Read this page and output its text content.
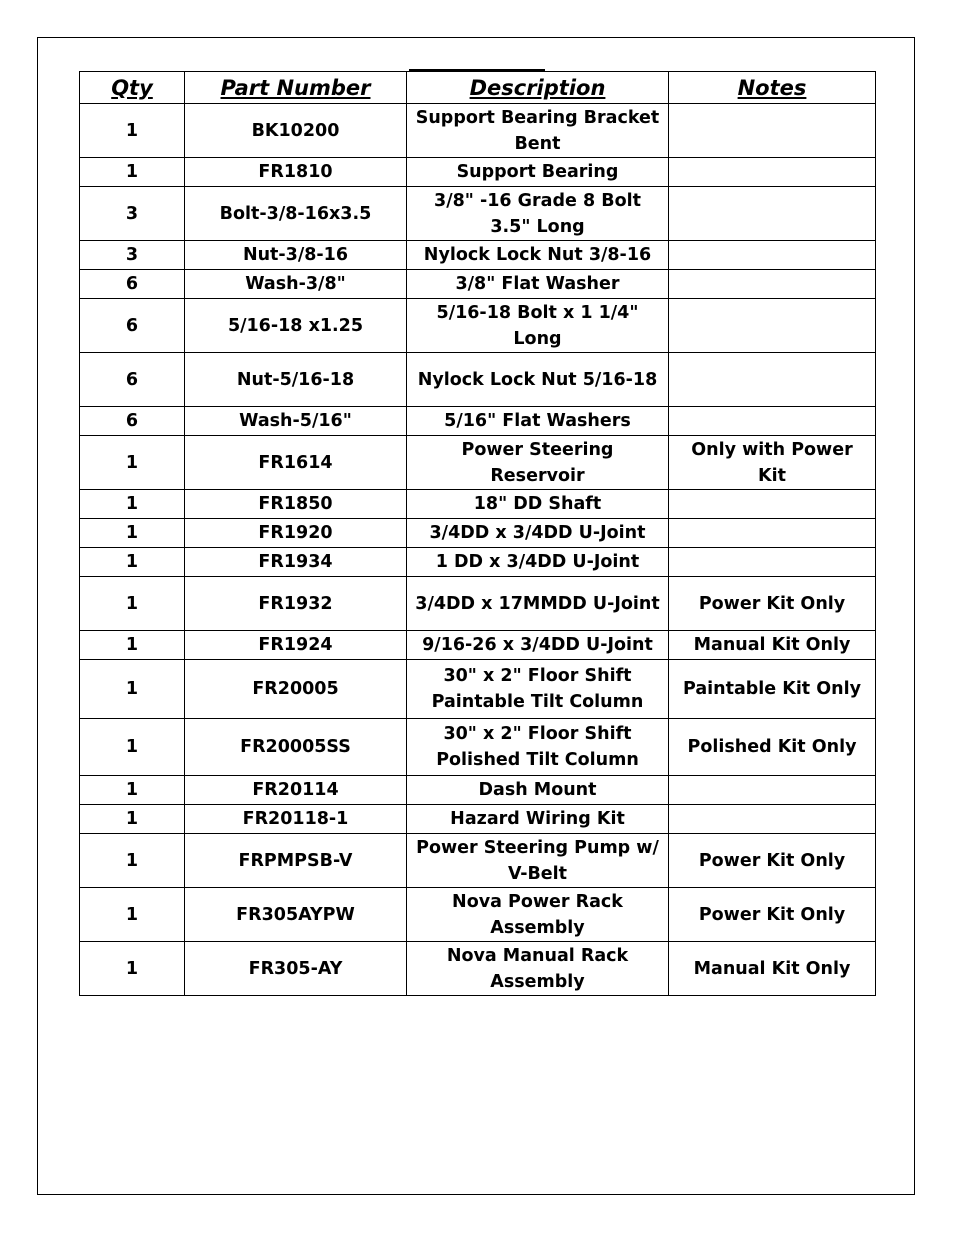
Qty	Part Number	Description	Notes
1	BK10200	Support Bearing Bracket Bent	
1	FR1810	Support Bearing	
3	Bolt-3/8-16x3.5	3/8" -16 Grade 8 Bolt 3.5" Long	
3	Nut-3/8-16	Nylock Lock Nut 3/8-16	
6	Wash-3/8"	3/8" Flat Washer	
6	5/16-18 x1.25	5/16-18 Bolt x 1 1/4" Long	
6	Nut-5/16-18	Nylock Lock Nut 5/16-18	
6	Wash-5/16"	5/16" Flat Washers	
1	FR1614	Power Steering Reservoir	Only with Power Kit
1	FR1850	18" DD Shaft	
1	FR1920	3/4DD x 3/4DD U-Joint	
1	FR1934	1 DD x 3/4DD U-Joint	
1	FR1932	3/4DD x 17MMDD U-Joint	Power Kit Only
1	FR1924	9/16-26 x 3/4DD U-Joint	Manual Kit Only
1	FR20005	30" x 2" Floor Shift Paintable Tilt Column	Paintable Kit Only
1	FR20005SS	30" x 2" Floor Shift Polished Tilt Column	Polished Kit Only
1	FR20114	Dash Mount	
1	FR20118-1	Hazard Wiring Kit	
1	FRPMPSB-V	Power Steering Pump w/ V-Belt	Power Kit Only
1	FR305AYPW	Nova Power Rack Assembly	Power Kit Only
1	FR305-AY	Nova Manual Rack Assembly	Manual Kit Only
